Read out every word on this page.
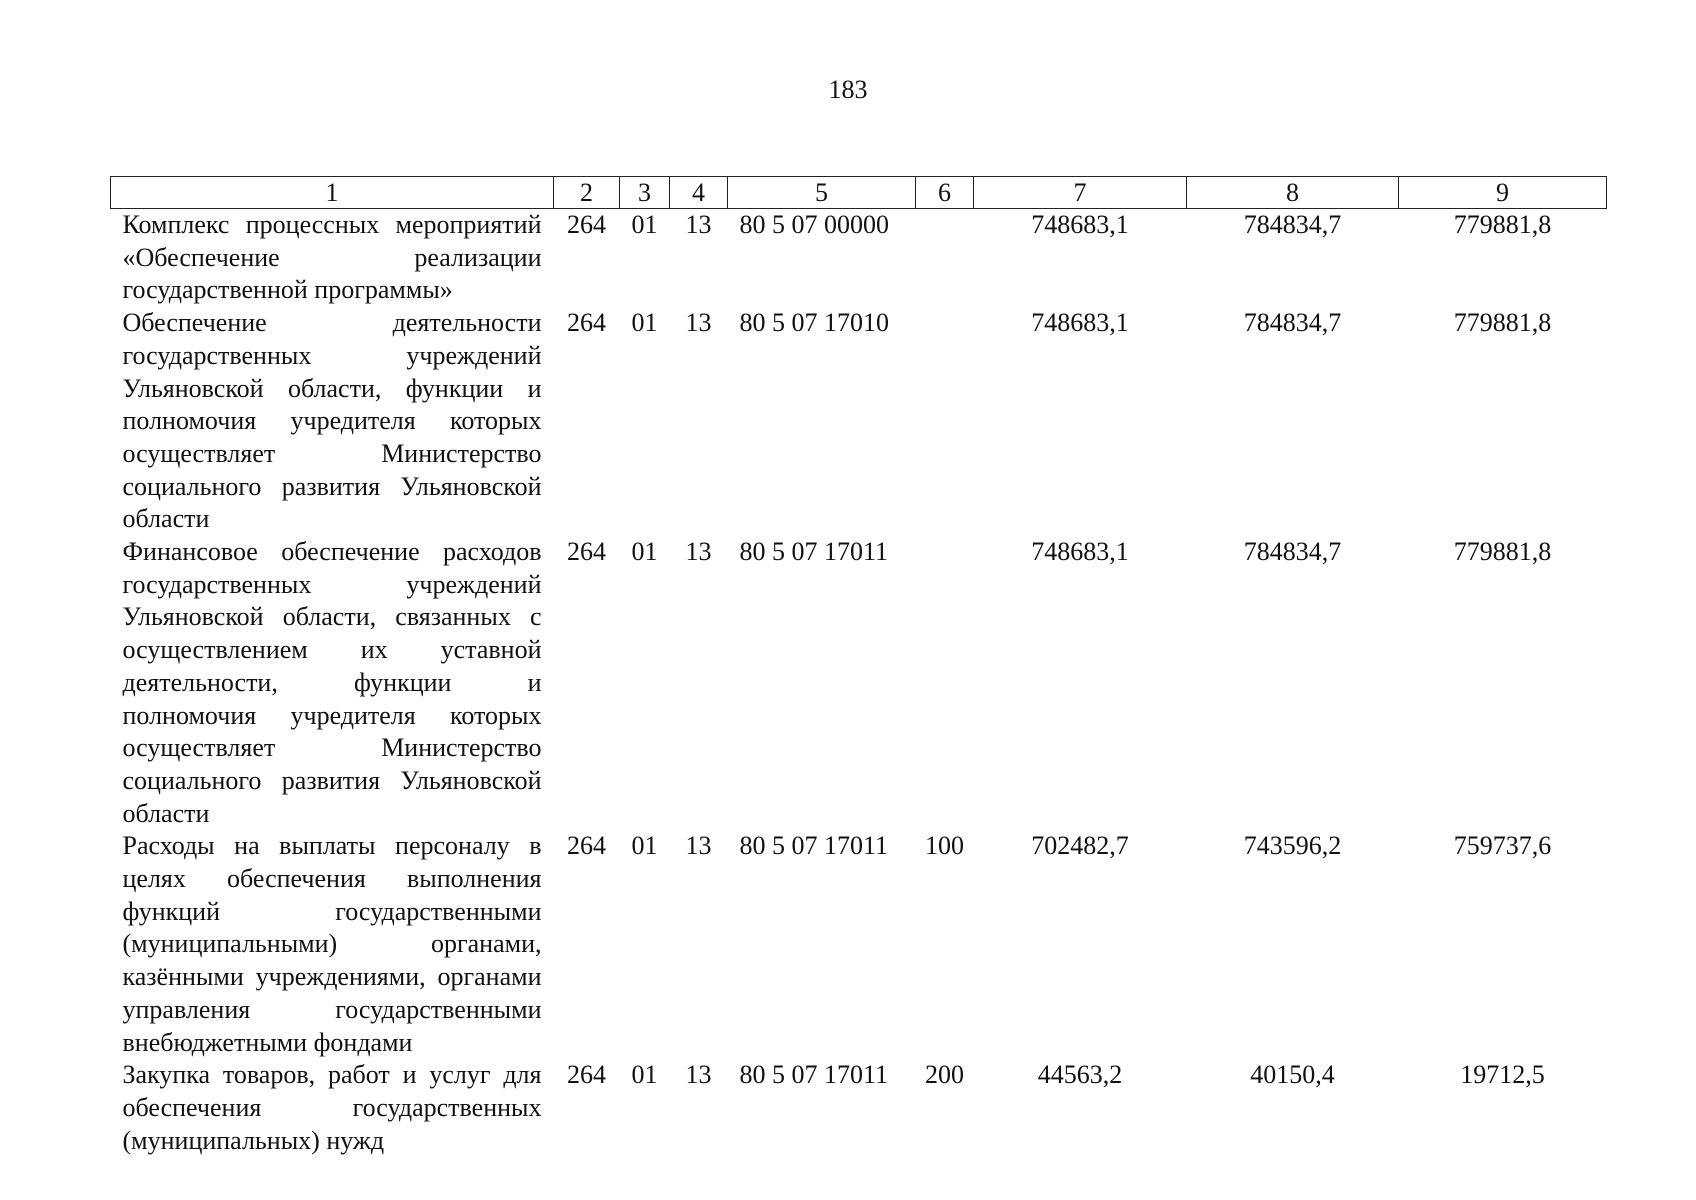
183
1	2	3	4	5	6	7	8	9
Комплекс процессных мероприятий «Обеспечение реализации государственной программы»	264	01	13	80 5 07 00000		748683,1	784834,7	779881,8
Обеспечение деятельности государственных учреждений Ульяновской области, функции и полномочия учредителя которых осуществляет Министерство социального развития Ульяновской области	264	01	13	80 5 07 17010		748683,1	784834,7	779881,8
Финансовое обеспечение расходов государственных учреждений Ульяновской области, связанных с осуществлением их уставной деятельности, функции и полномочия учредителя которых осуществляет Министерство социального развития Ульяновской области	264	01	13	80 5 07 17011		748683,1	784834,7	779881,8
Расходы на выплаты персоналу в целях обеспечения выполнения функций государственными (муниципальными) органами, казёнными учреждениями, органами управления государственными внебюджетными фондами	264	01	13	80 5 07 17011	100	702482,7	743596,2	759737,6
Закупка товаров, работ и услуг для обеспечения государственных (муниципальных) нужд	264	01	13	80 5 07 17011	200	44563,2	40150,4	19712,5
